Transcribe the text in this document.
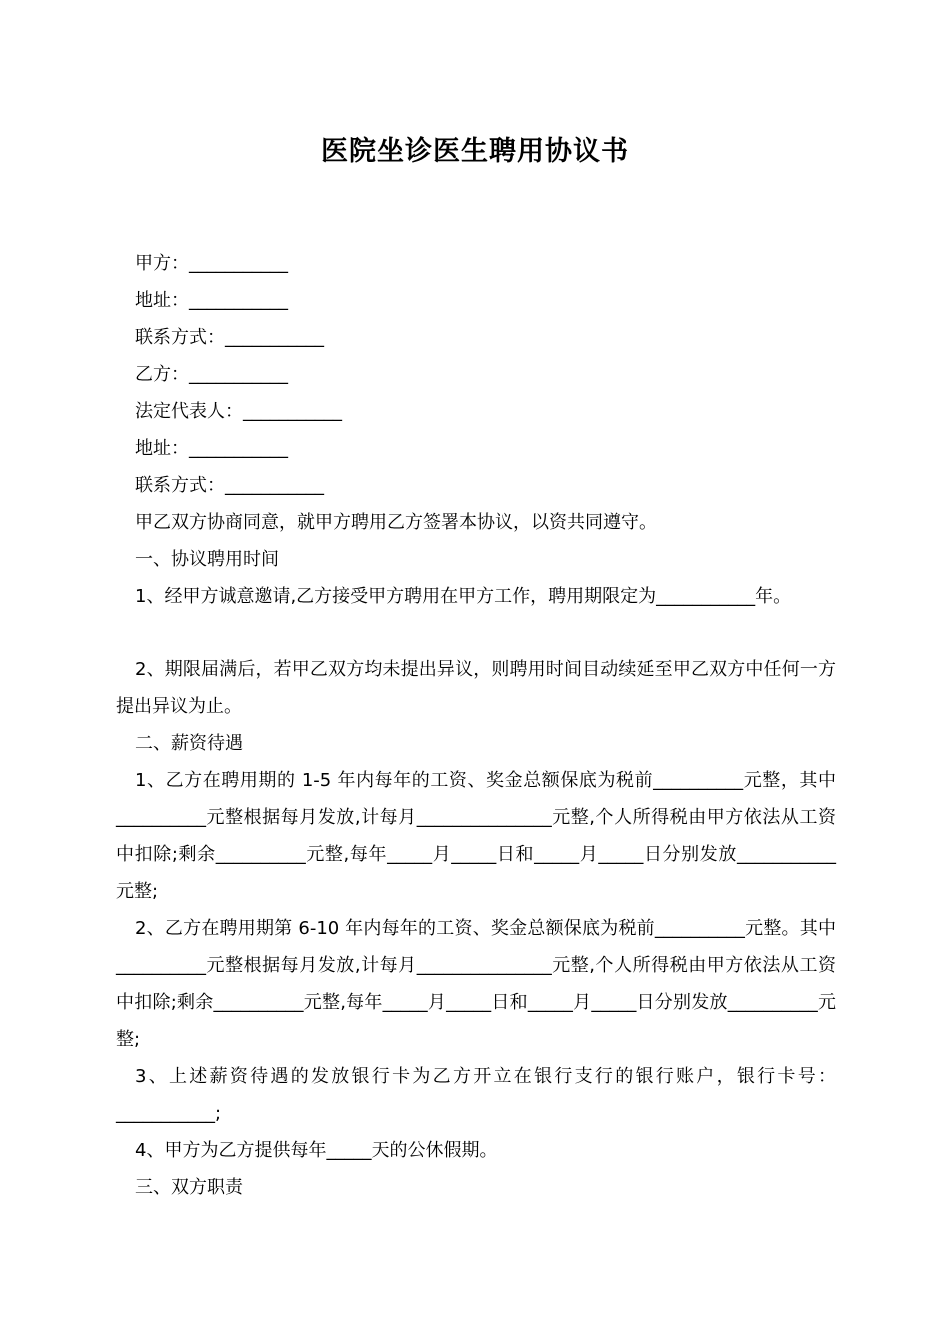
医院坐诊医生聘用协议书
甲方：___________
地址：___________
联系方式：___________
乙方：___________
法定代表人：___________
地址：___________
联系方式：___________
甲乙双方协商同意，就甲方聘用乙方签署本协议，以资共同遵守。
一、协议聘用时间
1、经甲方诚意邀请,乙方接受甲方聘用在甲方工作，聘用期限定为___________年。
2、期限届满后，若甲乙双方均未提出异议，则聘用时间目动续延至甲乙双方中任何一方提出异议为止。
二、薪资待遇
1、乙方在聘用期的 1-5 年内每年的工资、奖金总额保底为税前__________元整，其中__________元整根据每月发放,计每月_______________元整,个人所得税由甲方依法从工资中扣除;剩余__________元整,每年_____月_____日和_____月_____日分别发放___________元整;
2、乙方在聘用期第 6-10 年内每年的工资、奖金总额保底为税前__________元整。其中__________元整根据每月发放,计每月_______________元整,个人所得税由甲方依法从工资中扣除;剩余__________元整,每年_____月_____日和_____月_____日分别发放__________元整;
3、上述薪资待遇的发放银行卡为乙方开立在银行支行的银行账户，银行卡号：___________;
4、甲方为乙方提供每年_____天的公休假期。
三、双方职责
